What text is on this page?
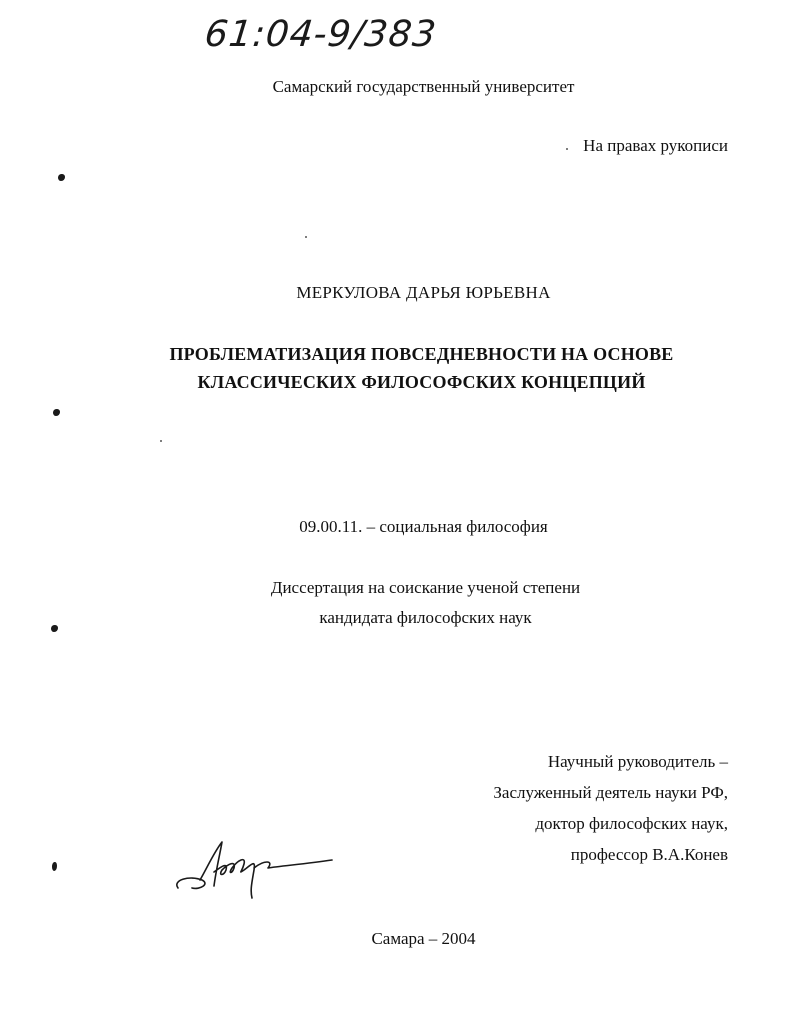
61:04-9/383
Самарский государственный университет
На правах рукописи
МЕРКУЛОВА ДАРЬЯ ЮРЬЕВНА
ПРОБЛЕМАТИЗАЦИЯ ПОВСЕДНЕВНОСТИ НА ОСНОВЕ
КЛАССИЧЕСКИХ ФИЛОСОФСКИХ КОНЦЕПЦИЙ
09.00.11. – социальная философия
Диссертация на соискание ученой степени
кандидата философских наук
Научный руководитель –
Заслуженный деятель науки РФ,
доктор философских наук,
профессор В.А.Конев
Самара – 2004
